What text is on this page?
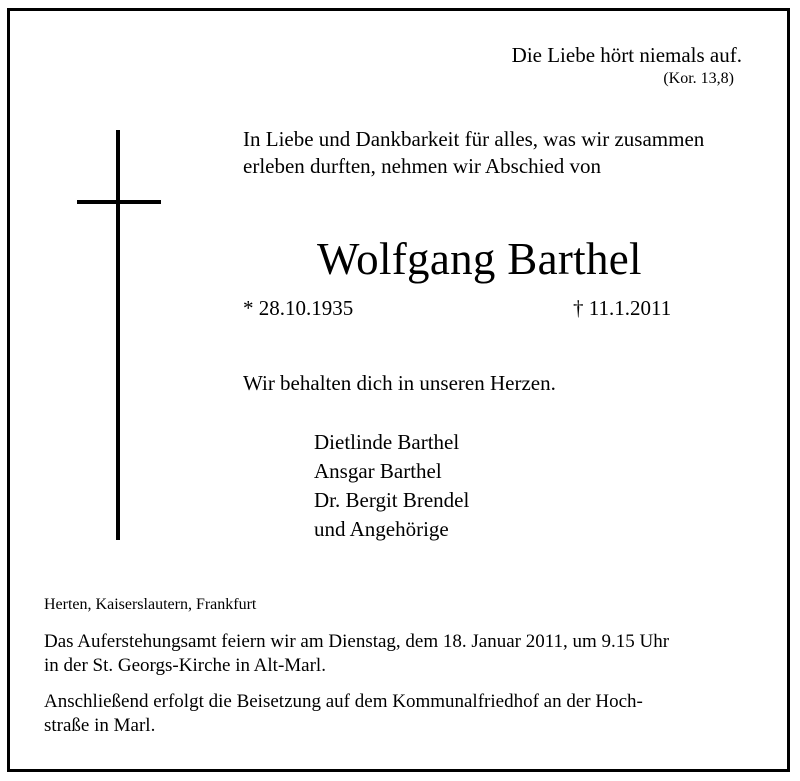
Die Liebe hört niemals auf.
(Kor. 13,8)
In Liebe und Dankbarkeit für alles, was wir zusammen
erleben durften, nehmen wir Abschied von
Wolfgang Barthel
* 28.10.1935	† 11.1.2011
Wir behalten dich in unseren Herzen.
Dietlinde Barthel
Ansgar Barthel
Dr. Bergit Brendel
und Angehörige
Herten, Kaiserslautern, Frankfurt
Das Auferstehungsamt feiern wir am Dienstag, dem 18. Januar 2011, um 9.15 Uhr
in der St. Georgs-Kirche in Alt-Marl.
Anschließend erfolgt die Beisetzung auf dem Kommunalfriedhof an der Hoch-
straße in Marl.
